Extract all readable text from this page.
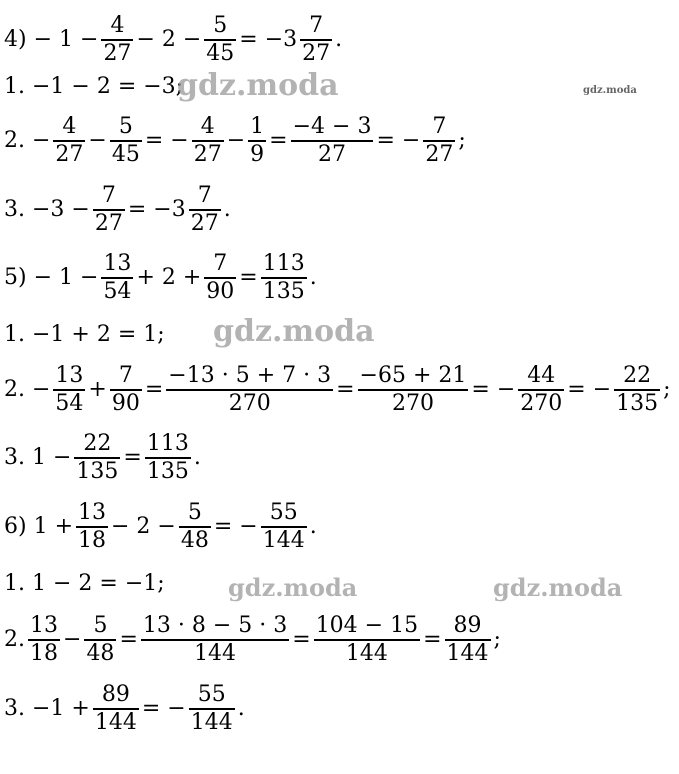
$4) - 1 - \frac{4}{27} - 2 - \frac{5}{45} = -3 \frac{7}{27}$ .
1. −1 − 2 = −3;
2. − $\frac{4}{27} - \frac{5}{45}$ = − $\frac{4}{27} - \frac{1}{9} = \frac{-4 - 3}{27}$ = − $\frac{7}{27}$ ;
3. $-3 - \frac{7}{27} = -3 \frac{7}{27}$ .
$5) - 1 - \frac{13}{54} + 2 + \frac{7}{90} = \frac{113}{135}$ .
1. −1 + 2 = 1;
2. − $\frac{13}{54} + \frac{7}{90} = \frac{-13 \cdot 5 + 7 \cdot 3}{270} = \frac{-65 + 21}{270}$ = − $\frac{44}{270}$ = − $\frac{22}{135}$ ;
3. $1 - \frac{22}{135} = \frac{113}{135}$ .
6) $1 + \frac{13}{18} - 2 - \frac{5}{48}$ = − $\frac{55}{144}$ .
1. 1 − 2 = −1;
2. $\frac{13}{18} - \frac{5}{48} = \frac{13 \cdot 8 - 5 \cdot 3}{144} = \frac{104 - 15}{144} = \frac{89}{144}$ ;
3. $-1 + \frac{89}{144}$ = − $\frac{55}{144}$ .
gdz.moda	gdz.moda
gdz.moda
gdz.moda	gdz.moda
